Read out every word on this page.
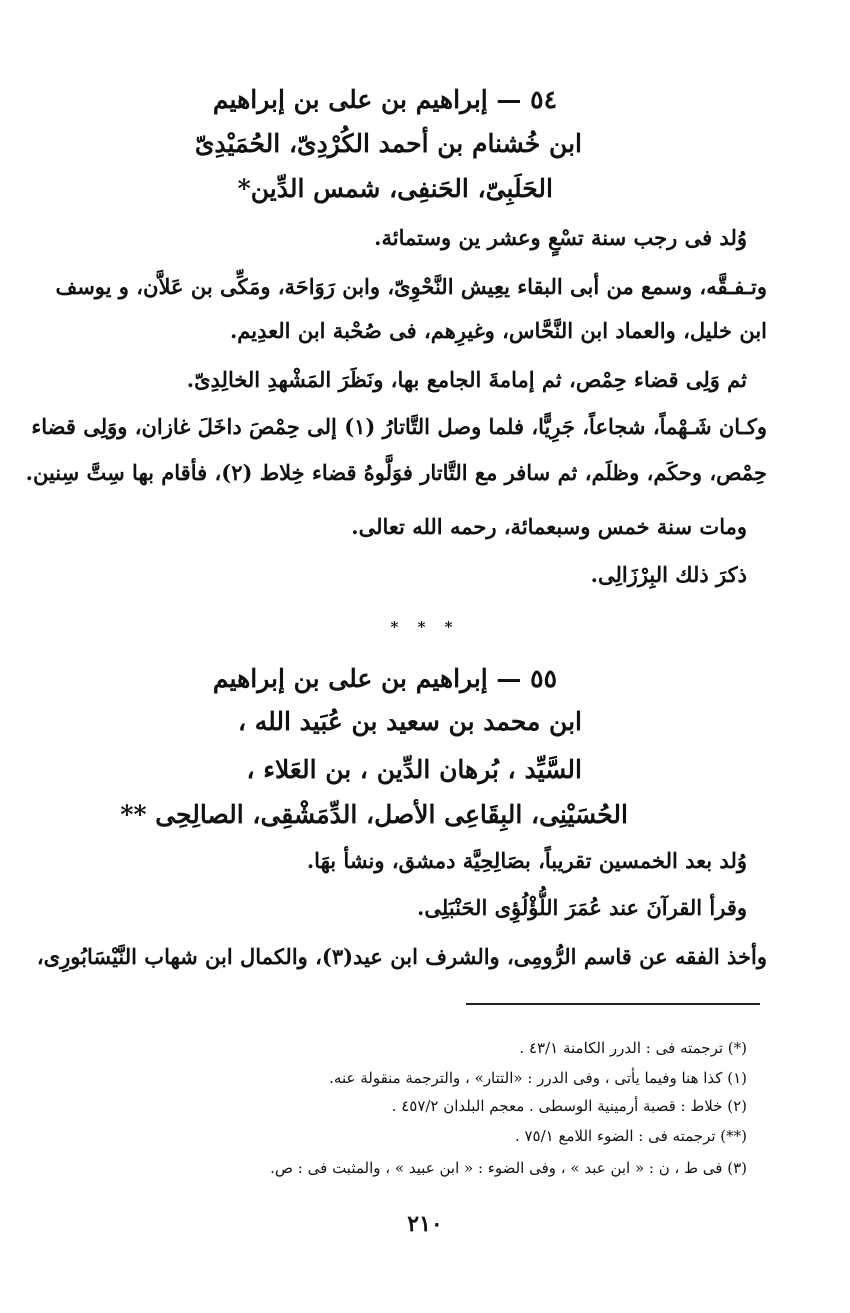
٥٤ — إبراهيم بن على بن إبراهيم
ابن خُشنام بن أحمد الكُرْدِىّ، الحُمَيْدِىّ
الحَلَبِىّ، الحَنفِى، شمس الدِّين*
وُلد فى رجب سنة تسْعٍ وعشر ين وستمائة.
وتـفـقَّه، وسمع من أبى البقاء يعِيش النَّحْوِىّ، وابن رَوَاحَة، ومَكِّى بن عَلاَّن، و يوسف
ابن خليل، والعماد ابن النَّحَّاس، وغيرِهم، فى صُحْبة ابن العدِيم.
ثم وَلِى قضاء حِمْص، ثم إمامةَ الجامع بها، ونَظَرَ المَشْهدِ الخالِدِىّ.
وكـان شَـهْماً، شجاعاً، جَرِيًّا، فلما وصل التَّاتارُ (١) إلى حِمْصَ داخَلَ غازان، ووَلِى قضاء
حِمْص، وحكَم، وظلَم، ثم سافر مع التَّاتار فوَلَّوهُ قضاء خِلاط (٢)، فأقام بها سِتَّ سِنين.
ومات سنة خمس وسبعمائة، رحمه الله تعالى.
ذكرَ ذلك البِرْزَالِى.
* * *
٥٥ — إبراهيم بن على بن إبراهيم
ابن محمد بن سعيد بن عُبَيد الله ،
السَّيِّد ، بُرهان الدِّين ، بن العَلاء ،
الحُسَيْنِى، البِقَاعِى الأصل، الدِّمَشْقِى، الصالِحِى **
وُلد بعد الخمسين تقريباً، بصَالِحِيَّة دمشق، ونشأ بهَا.
وقرأ القرآنَ عند عُمَرَ اللُّؤْلُؤِى الحَنْبَلِى.
وأخذ الفقه عن قاسم الرُّومِى، والشرف ابن عيد(٣)، والكمال ابن شهاب النَّيْسَابُورِى،
(*) ترجمته فى : الدرر الكامنة ٤٣/١ .
(١) كذا هنا وفيما يأتى ، وفى الدرر : «التتار» ، والترجمة منقولة عنه.
(٢) خلاط : قصبة أرمينية الوسطى . معجم البلدان ٤٥٧/٢ .
(**) ترجمته فى : الضوء اللامع ٧٥/١ .
(٣) فى ط ، ن : « ابن عبد » ، وفى الضوء : « ابن عبيد » ، والمثبت فى : ص.
٢١٠
